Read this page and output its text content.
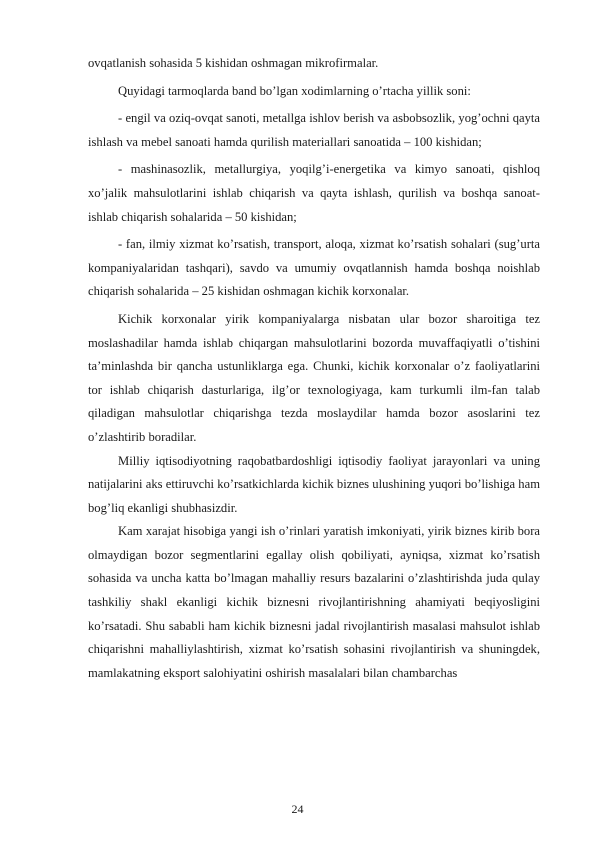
ovqatlanish sohasida 5 kishidan oshmagan mikrofirmalar.

Quyidagi tarmoqlarda band bo’lgan xodimlarning o’rtacha yillik soni:

- engil va oziq-ovqat sanoti, metallga ishlov berish va asbobsozlik, yog’ochni qayta ishlash va mebel sanoati hamda qurilish materiallari sanoatida – 100 kishidan;

- mashinasozlik, metallurgiya, yoqilg’i-energetika va kimyo sanoati, qishloq xo’jalik mahsulotlarini ishlab chiqarish va qayta ishlash, qurilish va boshqa sanoat- ishlab chiqarish sohalarida – 50 kishidan;

- fan, ilmiy xizmat ko’rsatish, transport, aloqa, xizmat ko’rsatish sohalari (sug’urta kompaniyalaridan tashqari), savdo va umumiy ovqatlannish hamda boshqa noishlab chiqarish sohalarida – 25 kishidan oshmagan kichik korxonalar.

Kichik korxonalar yirik kompaniyalarga nisbatan ular bozor sharoitiga tez moslashadilar hamda ishlab chiqargan mahsulotlarini bozorda muvaffaqiyatli o’tishini ta’minlashda bir qancha ustunliklarga ega. Chunki, kichik korxonalar o’z faoliyatlarini tor ishlab chiqarish dasturlariga, ilg’or texnologiyaga, kam turkumli ilm-fan talab qiladigan mahsulotlar chiqarishga tezda moslaydilar hamda bozor asoslarini tez o’zlashtirib boradilar.

Milliy iqtisodiyotning raqobatbardoshligi iqtisodiy faoliyat jarayonlari va uning natijalarini aks ettiruvchi ko’rsatkichlarda kichik biznes ulushining yuqori bo’lishiga ham bog’liq ekanligi shubhasizdir.

Kam xarajat hisobiga yangi ish o’rinlari yaratish imkoniyati, yirik biznes kirib bora olmaydigan bozor segmentlarini egallay olish qobiliyati, ayniqsa, xizmat ko’rsatish sohasida va uncha katta bo’lmagan mahalliy resurs bazalarini o’zlashtirishda juda qulay tashkiliy shakl ekanligi kichik biznesni rivojlantirishning ahamiyati beqiyosligini ko’rsatadi. Shu sababli ham kichik biznesni jadal rivojlantirish masalasi mahsulot ishlab chiqarishni mahalliylashtirish, xizmat ko’rsatish sohasini rivojlantirish va shuningdek, mamlakatning eksport salohiyatini oshirish masalalari bilan chambarchas

24
